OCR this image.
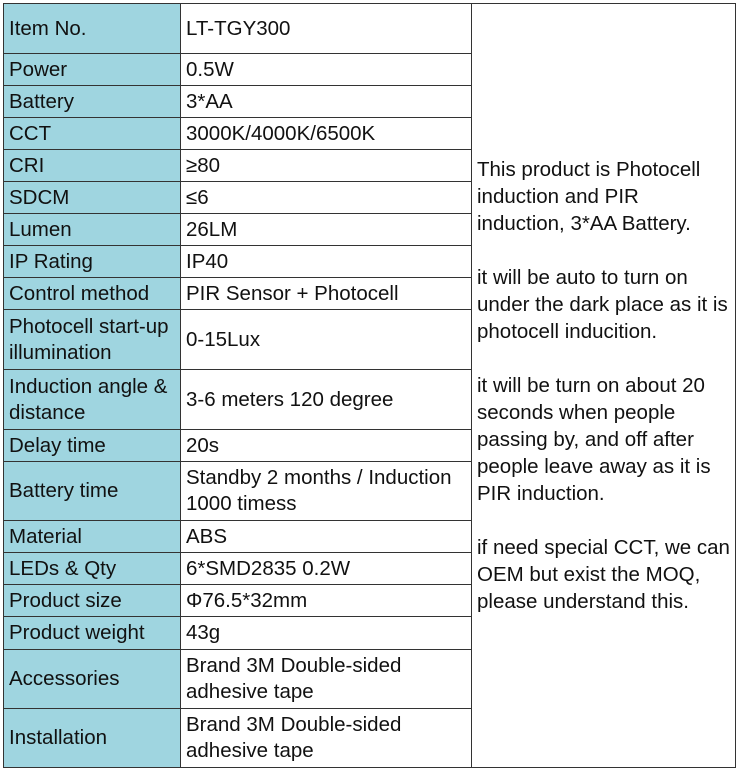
Item No.	LT-TGY300	This product is Photocell induction and PIR induction, 3*AA Battery.

it will be auto to turn on under the dark place as it is photocell inducition.

it will be turn on about 20 seconds when people passing by, and off after people leave away as it is PIR induction.

if need special CCT, we can OEM but exist the MOQ, please understand this.

Power	0.5W	
Battery	3*AA	
CCT	3000K/4000K/6500K	
CRI	≥80	
SDCM	≤6	
Lumen	26LM	
IP Rating	IP40	
Control method	PIR Sensor + Photocell	
Photocell start-up illumination	0-15Lux	
Induction angle & distance	3-6 meters 120 degree	
Delay time	20s	
Battery time	Standby 2 months / Induction 1000 timess	
Material	ABS	
LEDs & Qty	6*SMD2835 0.2W	
Product size	Φ76.5*32mm	
Product weight	43g	
Accessories	Brand 3M Double-sided adhesive tape	
Installation	Brand 3M Double-sided adhesive tape	
